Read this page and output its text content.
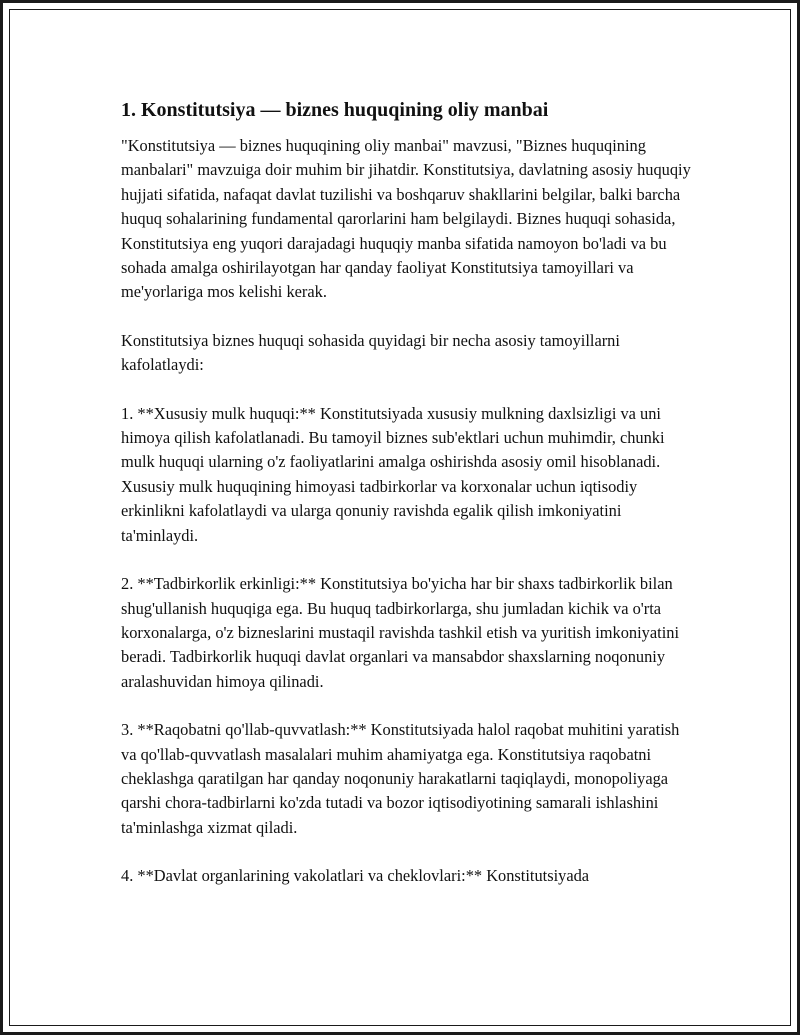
1. Konstitutsiya — biznes huquqining oliy manbai

"Konstitutsiya — biznes huquqining oliy manbai" mavzusi, "Biznes huquqining manbalari" mavzuiga doir muhim bir jihatdir. Konstitutsiya, davlatning asosiy huquqiy hujjati sifatida, nafaqat davlat tuzilishi va boshqaruv shakllarini belgilar, balki barcha huquq sohalarining fundamental qarorlarini ham belgilaydi. Biznes huquqi sohasida, Konstitutsiya eng yuqori darajadagi huquqiy manba sifatida namoyon bo'ladi va bu sohada amalga oshirilayotgan har qanday faoliyat Konstitutsiya tamoyillari va me'yorlariga mos kelishi kerak.

Konstitutsiya biznes huquqi sohasida quyidagi bir necha asosiy tamoyillarni kafolatlaydi:

1. **Xususiy mulk huquqi:** Konstitutsiyada xususiy mulkning daxlsizligi va uni himoya qilish kafolatlanadi. Bu tamoyil biznes sub'ektlari uchun muhimdir, chunki mulk huquqi ularning o'z faoliyatlarini amalga oshirishda asosiy omil hisoblanadi. Xususiy mulk huquqining himoyasi tadbirkorlar va korxonalar uchun iqtisodiy erkinlikni kafolatlaydi va ularga qonuniy ravishda egalik qilish imkoniyatini ta'minlaydi.

2. **Tadbirkorlik erkinligi:** Konstitutsiya bo'yicha har bir shaxs tadbirkorlik bilan shug'ullanish huquqiga ega. Bu huquq tadbirkorlarga, shu jumladan kichik va o'rta korxonalarga, o'z bizneslarini mustaqil ravishda tashkil etish va yuritish imkoniyatini beradi. Tadbirkorlik huquqi davlat organlari va mansabdor shaxslarning noqonuniy aralashuvidan himoya qilinadi.

3. **Raqobatni qo'llab-quvvatlash:** Konstitutsiyada halol raqobat muhitini yaratish va qo'llab-quvvatlash masalalari muhim ahamiyatga ega. Konstitutsiya raqobatni cheklashga qaratilgan har qanday noqonuniy harakatlarni taqiqlaydi, monopoliyaga qarshi chora-tadbirlarni ko'zda tutadi va bozor iqtisodiyotining samarali ishlashini ta'minlashga xizmat qiladi.

4. **Davlat organlarining vakolatlari va cheklovlari:** Konstitutsiyada
